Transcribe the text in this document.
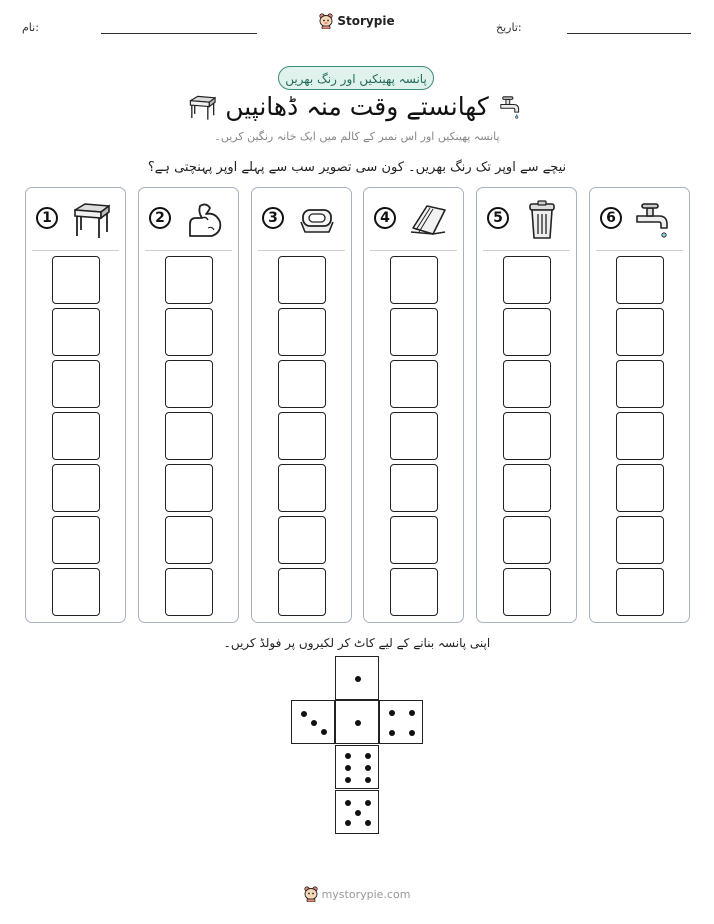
نام:	تاریخ:
Storypie
پانسہ پھینکیں اور رنگ بھریں
کھانستے وقت منہ ڈھانپیں
پانسہ پھینکیں اور اس نمبر کے کالم میں ایک خانہ رنگین کریں۔
نیچے سے اوپر تک رنگ بھریں۔ کون سی تصویر سب سے پہلے اوپر پہنچتی ہے؟
1	2	3	4	5	6
اپنی پانسہ بنانے کے لیے کاٹ کر لکیروں پر فولڈ کریں۔
mystorypie.com
